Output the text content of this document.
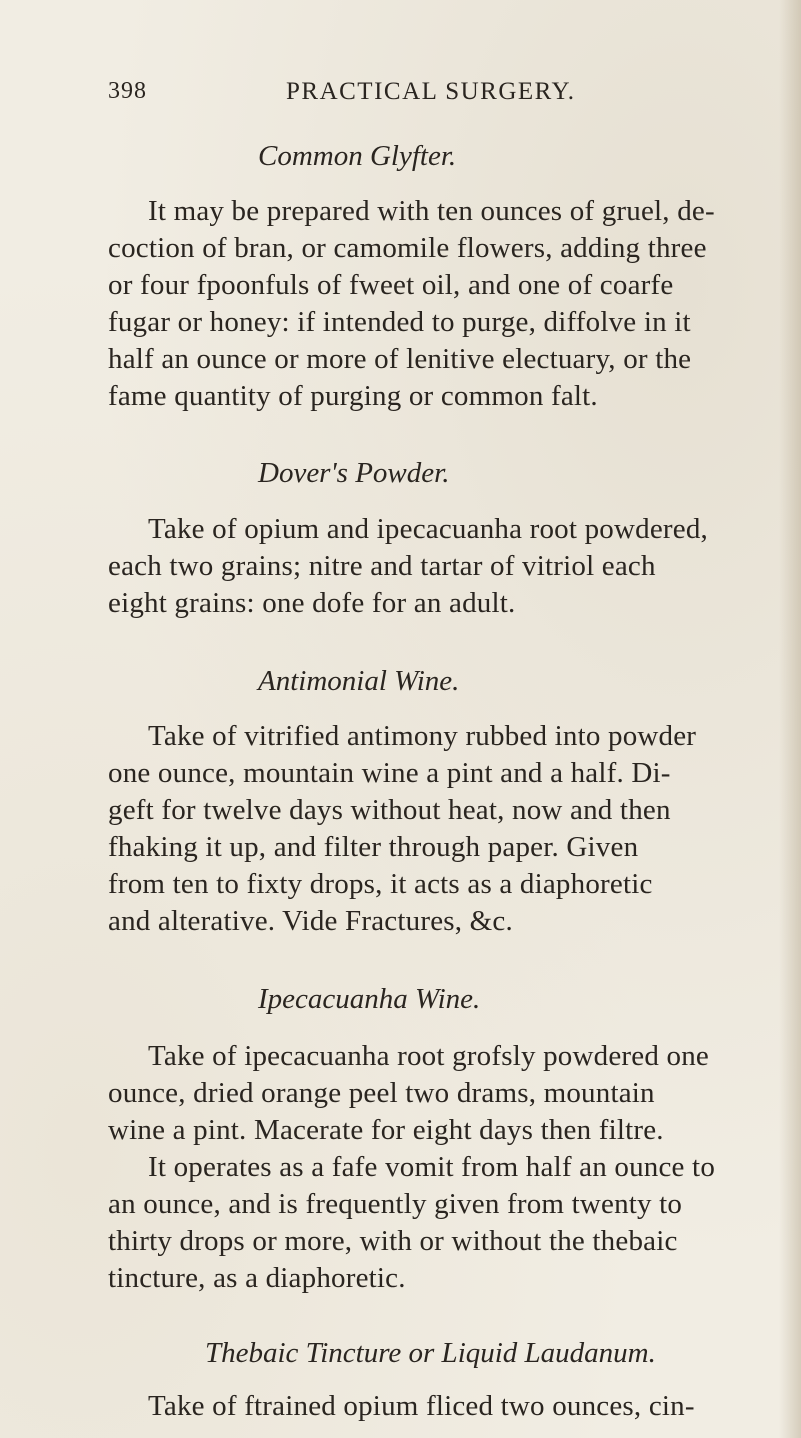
398	PRACTICAL SURGERY.
Common Glyfter.
It may be prepared with ten ounces of gruel, de-
coction of bran, or camomile flowers, adding three
or four fpoonfuls of fweet oil, and one of coarfe
fugar or honey: if intended to purge, diffolve in it
half an ounce or more of lenitive electuary, or the
fame quantity of purging or common falt.
Dover's Powder.
Take of opium and ipecacuanha root powdered,
each two grains; nitre and tartar of vitriol each
eight grains: one dofe for an adult.
Antimonial Wine.
Take of vitrified antimony rubbed into powder
one ounce, mountain wine a pint and a half. Di-
geft for twelve days without heat, now and then
fhaking it up, and filter through paper. Given
from ten to fixty drops, it acts as a diaphoretic
and alterative. Vide Fractures, &c.
Ipecacuanha Wine.
Take of ipecacuanha root grofsly powdered one
ounce, dried orange peel two drams, mountain
wine a pint. Macerate for eight days then filtre.
It operates as a fafe vomit from half an ounce to
an ounce, and is frequently given from twenty to
thirty drops or more, with or without the thebaic
tincture, as a diaphoretic.
Thebaic Tincture or Liquid Laudanum.
Take of ftrained opium fliced two ounces, cin-
